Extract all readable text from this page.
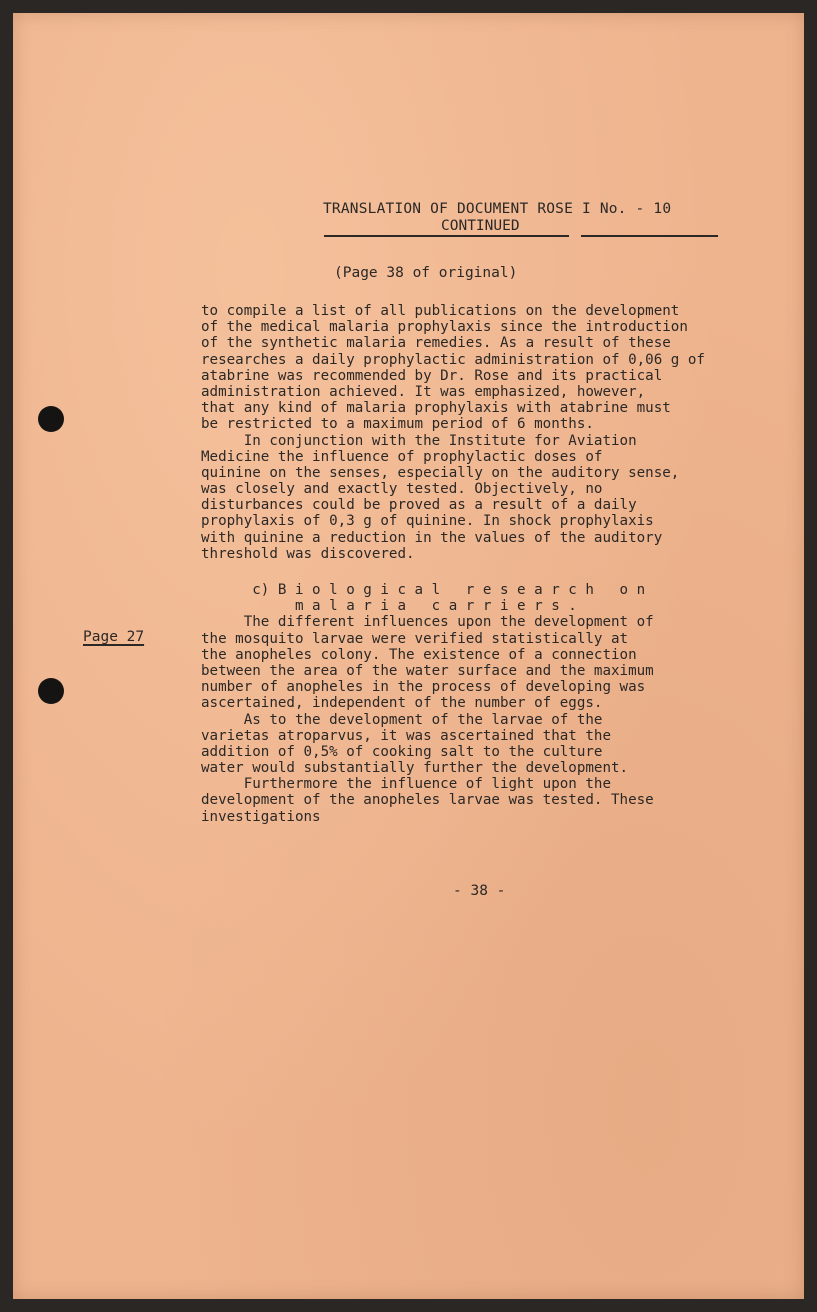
TRANSLATION OF DOCUMENT ROSE I No. - 10
CONTINUED
(Page 38 of original)
Page 27
to compile a list of all publications on the development
of the medical malaria prophylaxis since the introduction
of the synthetic malaria remedies. As a result of these
researches a daily prophylactic administration of 0,06 g of
atabrine was recommended by Dr. Rose and its practical
administration achieved. It was emphasized, however,
that any kind of malaria prophylaxis with atabrine must
be restricted to a maximum period of 6 months.
In conjunction with the Institute for Aviation
Medicine the influence of prophylactic doses of
quinine on the senses, especially on the auditory sense,
was closely and exactly tested. Objectively, no
disturbances could be proved as a result of a daily
prophylaxis of 0,3 g of quinine. In shock prophylaxis
with quinine a reduction in the values of the auditory
threshold was discovered.
c) B i o l o g i c a l   r e s e a r c h   o n
m a l a r i a   c a r r i e r s .
The different influences upon the development of
the mosquito larvae were verified statistically at
the anopheles colony. The existence of a connection
between the area of the water surface and the maximum
number of anopheles in the process of developing was
ascertained, independent of the number of eggs.
As to the development of the larvae of the
varietas atroparvus, it was ascertained that the
addition of 0,5% of cooking salt to the culture
water would substantially further the development.
Furthermore the influence of light upon the
development of the anopheles larvae was tested. These
investigations
- 38 -
